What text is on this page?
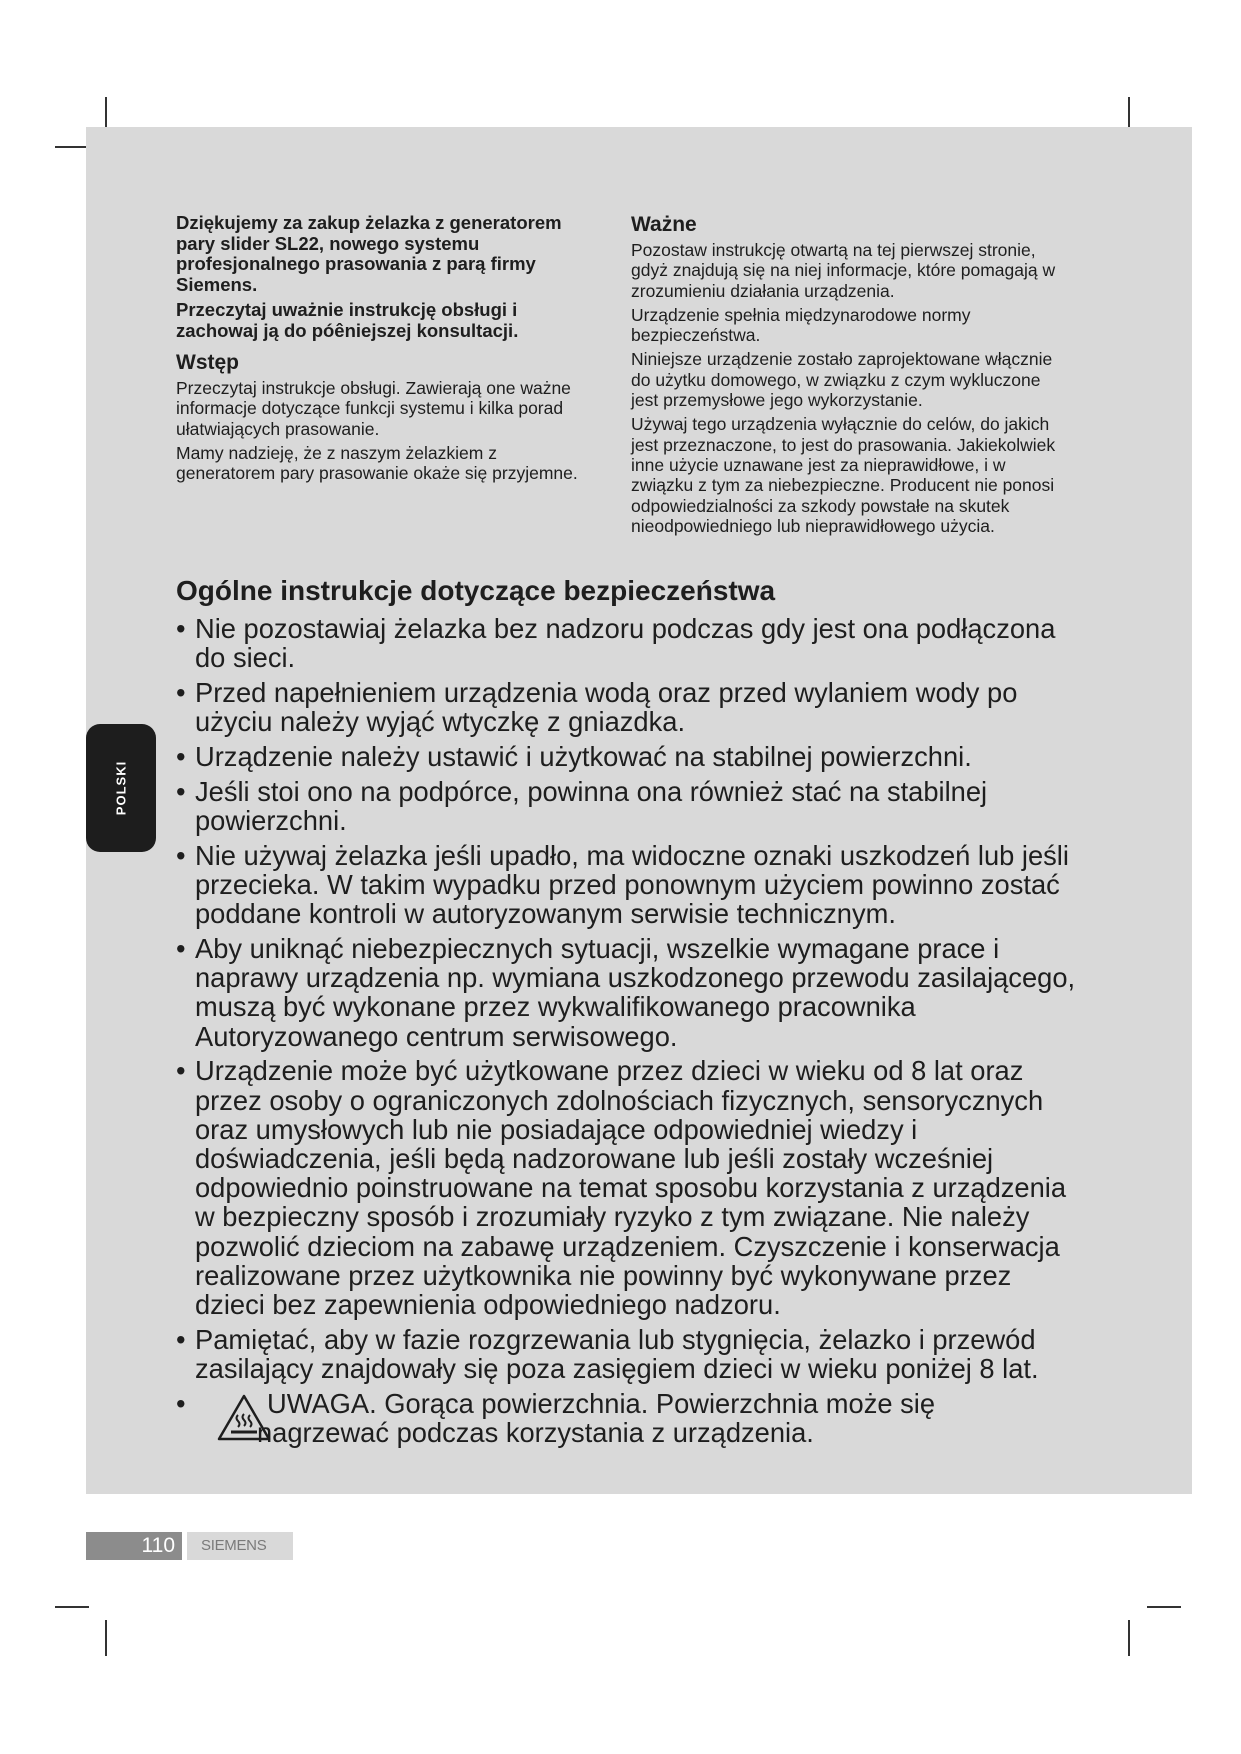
POLSKI

Dziękujemy za zakup żelazka z generatorem pary slider SL22, nowego systemu profesjonalnego prasowania z parą firmy Siemens.

Przeczytaj uważnie instrukcję obsługi i zachowaj ją do póêniejszej konsultacji.

Wstęp

Przeczytaj instrukcje obsługi. Zawierają one ważne informacje dotyczące funkcji systemu i kilka porad ułatwiających prasowanie.

Mamy nadzieję, że z naszym żelazkiem z generatorem pary prasowanie okaże się przyjemne.

Ważne

Pozostaw instrukcję otwartą na tej pierwszej stronie, gdyż znajdują się na niej informacje, które pomagają w zrozumieniu działania urządzenia.

Urządzenie spełnia międzynarodowe normy bezpieczeństwa.

Niniejsze urządzenie zostało zaprojektowane włącznie do użytku domowego, w związku z czym wykluczone jest przemysłowe jego wykorzystanie.

Używaj tego urządzenia wyłącznie do celów, do jakich jest przeznaczone, to jest do prasowania. Jakiekolwiek inne użycie uznawane jest za nieprawidłowe, i w związku z tym za niebezpieczne. Producent nie ponosi odpowiedzialności za szkody powstałe na skutek nieodpowiedniego lub nieprawidłowego użycia.

Ogólne instrukcje dotyczące bezpieczeństwa
• Nie pozostawiaj żelazka bez nadzoru podczas gdy jest ona podłączona do sieci.
• Przed napełnieniem urządzenia wodą oraz przed wylaniem wody po użyciu należy wyjąć wtyczkę z gniazdka.
• Urządzenie należy ustawić i użytkować na stabilnej powierzchni.
• Jeśli stoi ono na podpórce, powinna ona również stać na stabilnej powierzchni.
• Nie używaj żelazka jeśli upadło, ma widoczne oznaki uszkodzeń lub jeśli przecieka. W takim wypadku przed ponownym użyciem powinno zostać poddane kontroli w autoryzowanym serwisie technicznym.
• Aby uniknąć niebezpiecznych sytuacji, wszelkie wymagane prace i naprawy urządzenia np. wymiana uszkodzonego przewodu zasilającego, muszą być wykonane przez wykwalifikowanego pracownika Autoryzowanego centrum serwisowego.
• Urządzenie może być użytkowane przez dzieci w wieku od 8 lat oraz przez osoby o ograniczonych zdolnościach fizycznych, sensorycznych oraz umysłowych lub nie posiadające odpowiedniej wiedzy i doświadczenia, jeśli będą nadzorowane lub jeśli zostały wcześniej odpowiednio poinstruowane na temat sposobu korzystania z urządzenia w bezpieczny sposób i zrozumiały ryzyko z tym związane. Nie należy pozwolić dzieciom na zabawę urządzeniem. Czyszczenie i konserwacja realizowane przez użytkownika nie powinny być wykonywane przez dzieci bez zapewnienia odpowiedniego nadzoru.
• Pamiętać, aby w fazie rozgrzewania lub stygnięcia, żelazko i przewód zasilający znajdowały się poza zasięgiem dzieci w wieku poniżej 8 lat.
•	UWAGA. Gorąca powierzchnia. Powierzchnia może się
nagrzewać podczas korzystania z urządzenia.
110	SIEMENS
